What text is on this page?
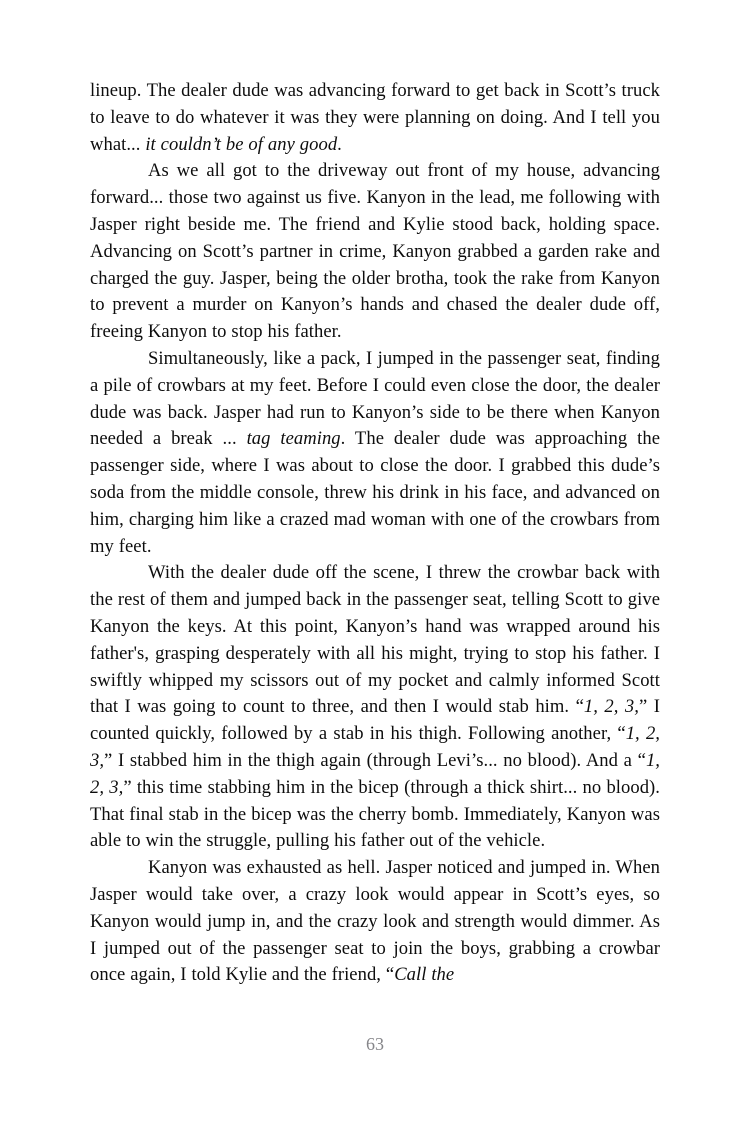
lineup. The dealer dude was advancing forward to get back in Scott’s truck to leave to do whatever it was they were planning on doing. And I tell you what... it couldn’t be of any good.

As we all got to the driveway out front of my house, advancing forward... those two against us five. Kanyon in the lead, me following with Jasper right beside me. The friend and Kylie stood back, holding space. Advancing on Scott’s partner in crime, Kanyon grabbed a garden rake and charged the guy. Jasper, being the older brotha, took the rake from Kanyon to prevent a murder on Kanyon’s hands and chased the dealer dude off, freeing Kanyon to stop his father.

Simultaneously, like a pack, I jumped in the passenger seat, finding a pile of crowbars at my feet. Before I could even close the door, the dealer dude was back. Jasper had run to Kanyon’s side to be there when Kanyon needed a break ... tag teaming. The dealer dude was approaching the passenger side, where I was about to close the door. I grabbed this dude’s soda from the middle console, threw his drink in his face, and advanced on him, charging him like a crazed mad woman with one of the crowbars from my feet.

With the dealer dude off the scene, I threw the crowbar back with the rest of them and jumped back in the passenger seat, telling Scott to give Kanyon the keys. At this point, Kanyon’s hand was wrapped around his father's, grasping desperately with all his might, trying to stop his father. I swiftly whipped my scissors out of my pocket and calmly informed Scott that I was going to count to three, and then I would stab him. “1, 2, 3,” I counted quickly, followed by a stab in his thigh. Following another, “1, 2, 3,” I stabbed him in the thigh again (through Levi’s... no blood). And a “1, 2, 3,” this time stabbing him in the bicep (through a thick shirt... no blood). That final stab in the bicep was the cherry bomb. Immediately, Kanyon was able to win the struggle, pulling his father out of the vehicle.

Kanyon was exhausted as hell. Jasper noticed and jumped in. When Jasper would take over, a crazy look would appear in Scott’s eyes, so Kanyon would jump in, and the crazy look and strength would dimmer. As I jumped out of the passenger seat to join the boys, grabbing a crowbar once again, I told Kylie and the friend, “Call the

63
